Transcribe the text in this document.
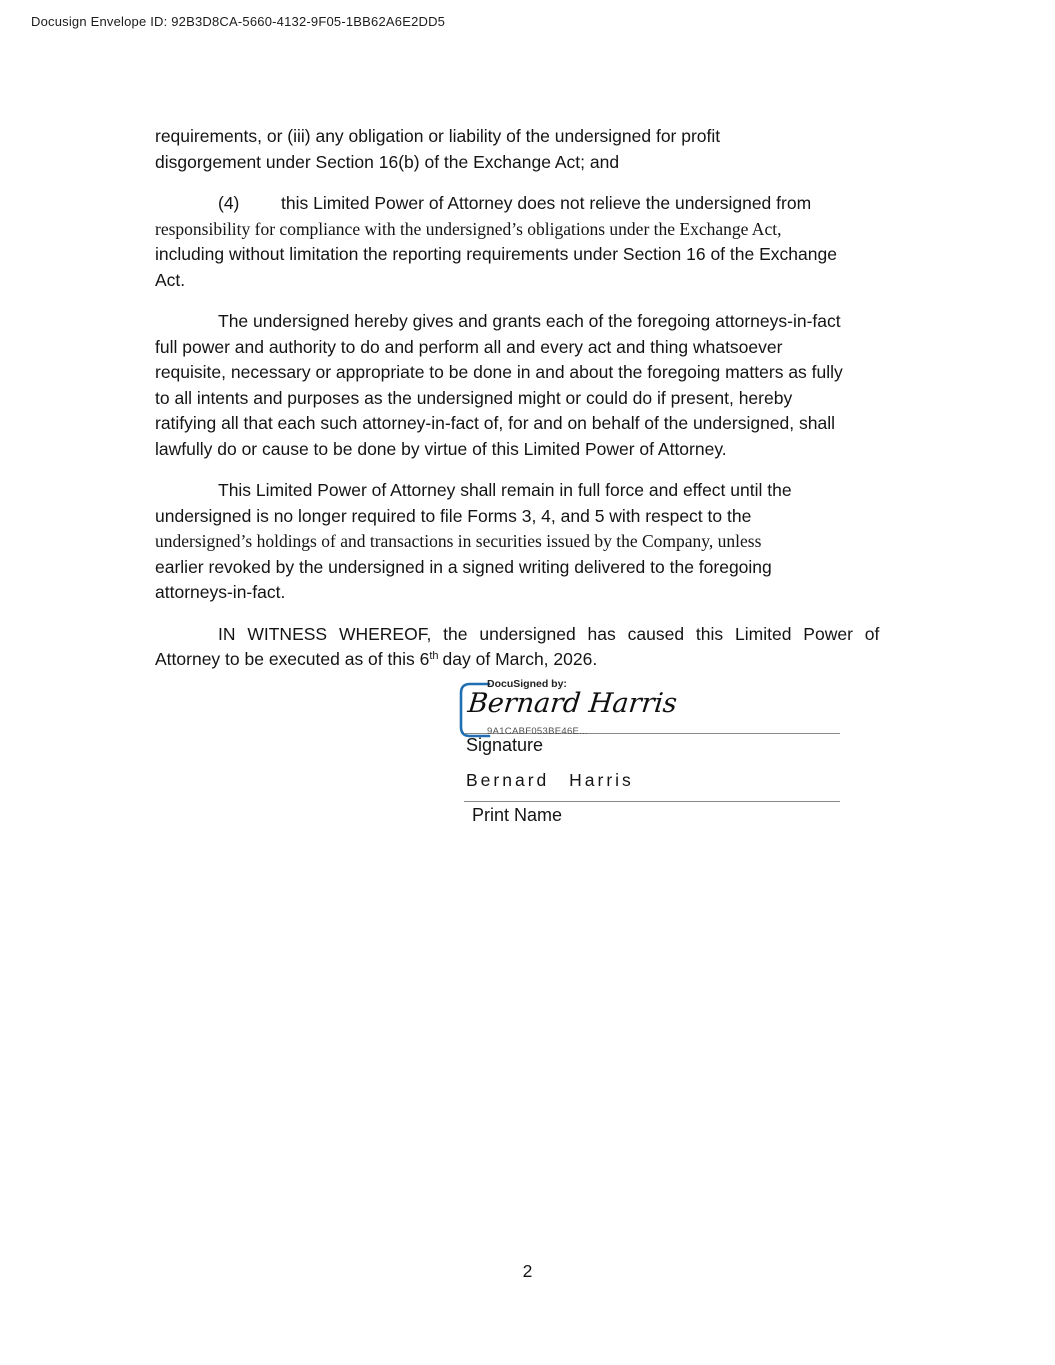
Docusign Envelope ID: 92B3D8CA-5660-4132-9F05-1BB62A6E2DD5

requirements, or (iii) any obligation or liability of the undersigned for profit
disgorgement under Section 16(b) of the Exchange Act; and

(4) this Limited Power of Attorney does not relieve the undersigned from
responsibility for compliance with the undersigned’s obligations under the Exchange Act,
including without limitation the reporting requirements under Section 16 of the Exchange
Act.

The undersigned hereby gives and grants each of the foregoing attorneys-in-fact
full power and authority to do and perform all and every act and thing whatsoever
requisite, necessary or appropriate to be done in and about the foregoing matters as fully
to all intents and purposes as the undersigned might or could do if present, hereby
ratifying all that each such attorney-in-fact of, for and on behalf of the undersigned, shall
lawfully do or cause to be done by virtue of this Limited Power of Attorney.

This Limited Power of Attorney shall remain in full force and effect until the
undersigned is no longer required to file Forms 3, 4, and 5 with respect to the
undersigned’s holdings of and transactions in securities issued by the Company, unless
earlier revoked by the undersigned in a signed writing delivered to the foregoing
attorneys-in-fact.

IN WITNESS WHEREOF, the undersigned has caused this Limited Power of
Attorney to be executed as of this 6th day of March, 2026.

DocuSigned by:
Bernard Harris
9A1CABF053BE46E...
Signature
Bernard Harris
Print Name
2
